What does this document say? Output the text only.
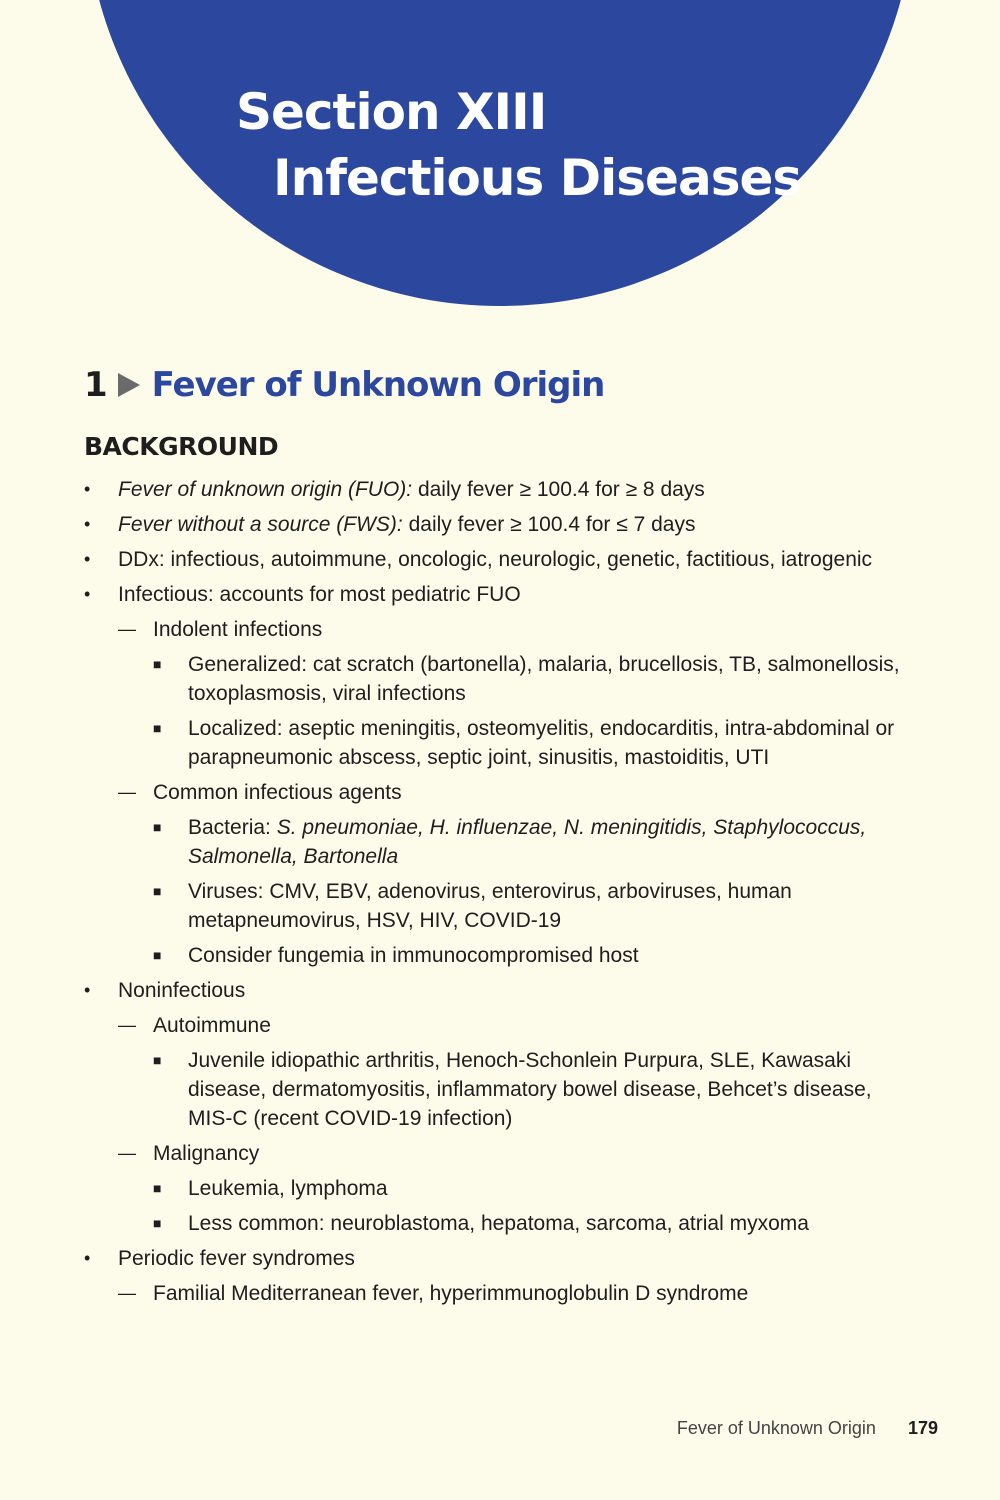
Section XIII
Infectious Diseases
1 Fever of Unknown Origin
BACKGROUND
• Fever of unknown origin (FUO): daily fever ≥ 100.4 for ≥ 8 days
• Fever without a source (FWS): daily fever ≥ 100.4 for ≤ 7 days
• DDx: infectious, autoimmune, oncologic, neurologic, genetic, factitious, iatrogenic
• Infectious: accounts for most pediatric FUO
— Indolent infections
■ Generalized: cat scratch (bartonella), malaria, brucellosis, TB, salmonellosis, toxoplasmosis, viral infections
■ Localized: aseptic meningitis, osteomyelitis, endocarditis, intra-abdominal or parapneumonic abscess, septic joint, sinusitis, mastoiditis, UTI
— Common infectious agents
■ Bacteria: S. pneumoniae, H. influenzae, N. meningitidis, Staphylococcus, Salmonella, Bartonella
■ Viruses: CMV, EBV, adenovirus, enterovirus, arboviruses, human metapneumovirus, HSV, HIV, COVID-19
■ Consider fungemia in immunocompromised host
• Noninfectious
— Autoimmune
■ Juvenile idiopathic arthritis, Henoch-Schonlein Purpura, SLE, Kawasaki disease, dermatomyositis, inflammatory bowel disease, Behcet’s disease, MIS-C (recent COVID-19 infection)
— Malignancy
■ Leukemia, lymphoma
■ Less common: neuroblastoma, hepatoma, sarcoma, atrial myxoma
• Periodic fever syndromes
— Familial Mediterranean fever, hyperimmunoglobulin D syndrome
Fever of Unknown Origin 179
